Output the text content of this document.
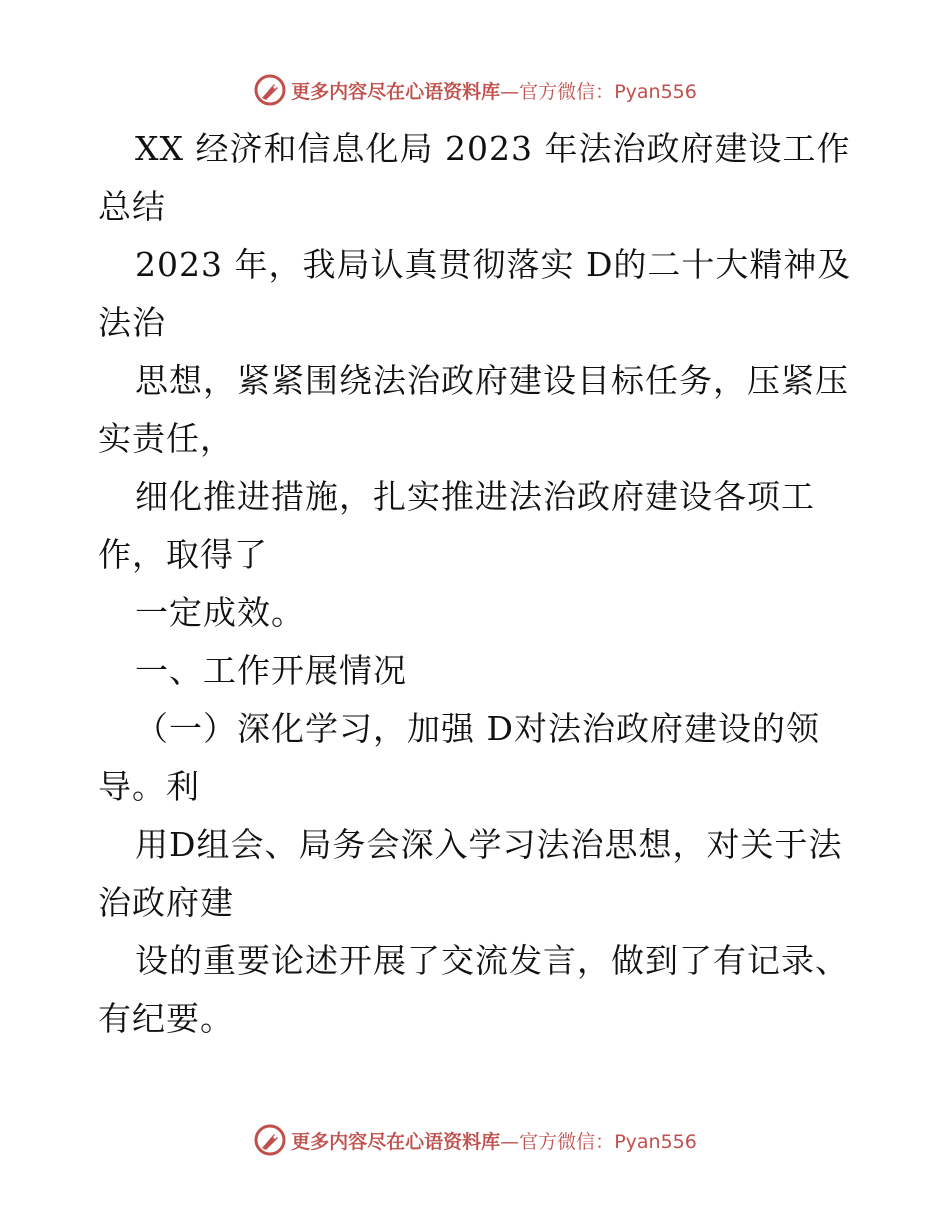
更多内容尽在心语资料库—官方微信：Pyan556
XX 经济和信息化局 2023 年法治政府建设工作
总结
2023 年，我局认真贯彻落实 D的二十大精神及
法治
思想，紧紧围绕法治政府建设目标任务，压紧压
实责任，
细化推进措施，扎实推进法治政府建设各项工
作，取得了
一定成效。
一、工作开展情况
（一）深化学习，加强 D对法治政府建设的领
导。利
用D组会、局务会深入学习法治思想，对关于法
治政府建
设的重要论述开展了交流发言，做到了有记录、
有纪要。
更多内容尽在心语资料库—官方微信：Pyan556
